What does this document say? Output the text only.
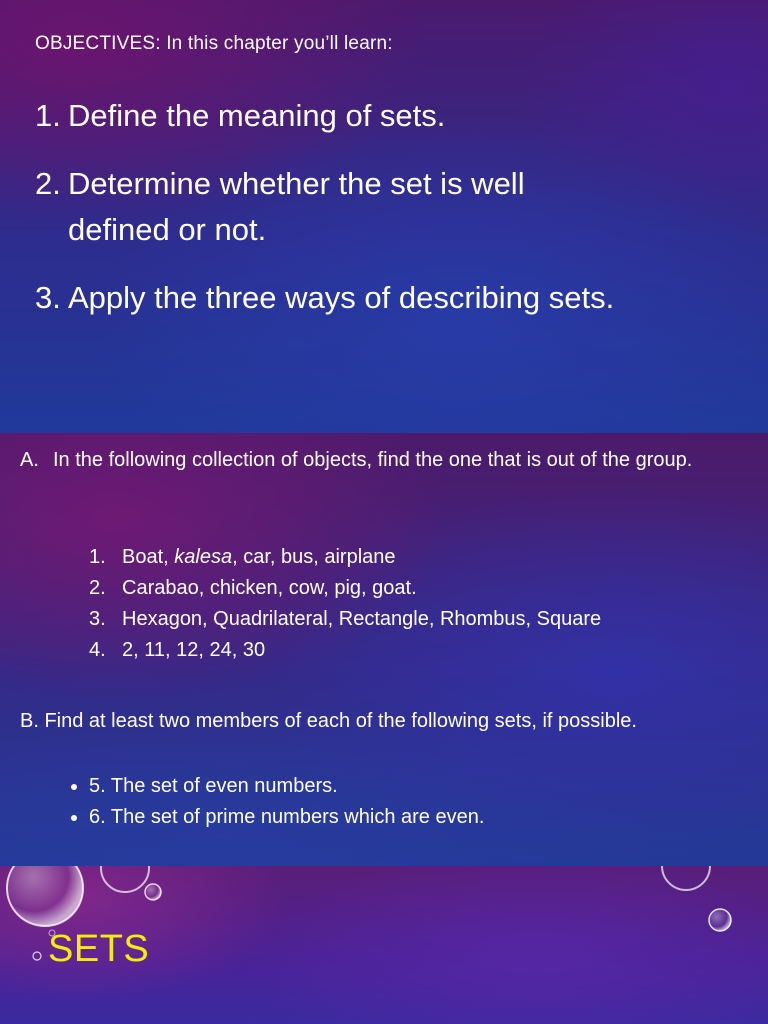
OBJECTIVES: In this chapter you’ll learn:
1. Define the meaning of sets.
2. Determine whether the set is well defined or not.
3. Apply the three ways of describing sets.
A. In the following collection of objects, find the one that is out of the group.
1. Boat, kalesa, car, bus, airplane
2. Carabao, chicken, cow, pig, goat.
3. Hexagon, Quadrilateral, Rectangle, Rhombus, Square
4. 2, 11, 12, 24, 30
B. Find at least two members of each of the following sets, if possible.
• 5. The set of even numbers.
• 6. The set of prime numbers which are even.
SETS
